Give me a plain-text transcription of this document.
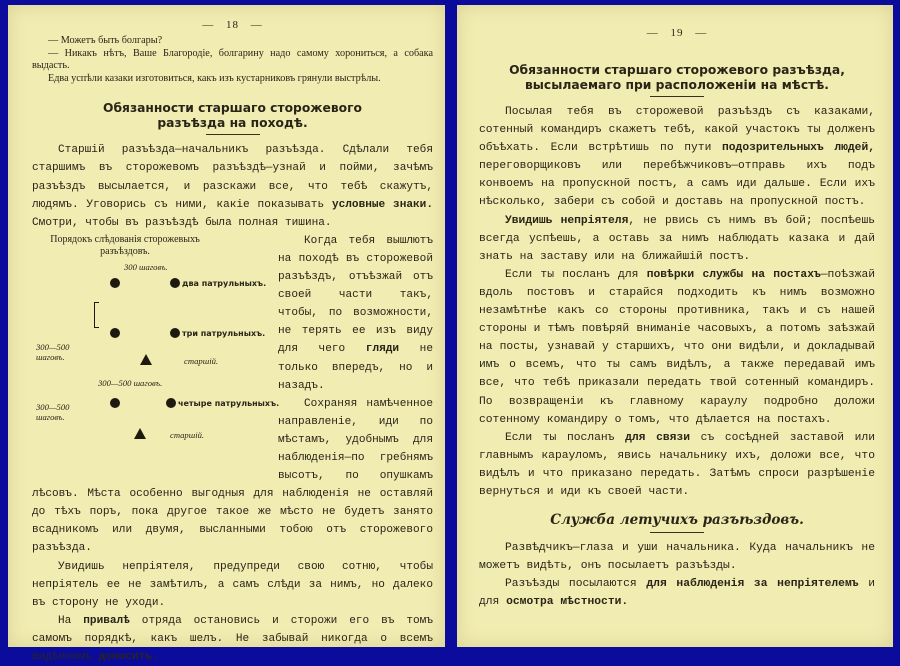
— 18 —

— Можетъ быть болгары?

— Никакъ нѣтъ, Ваше Благородіе, болгарину надо самому хорониться, а собака выдасть.

Едва успѣли казаки изготовиться, какъ изъ кустарниковъ грянули выстрѣлы.

Обязанности старшаго сторожевого разъѣзда на походѣ.

Старшій разъѣзда—начальникъ разъѣзда. Сдѣлали тебя старшимъ въ сторожевомъ разъѣздѣ—узнай и пойми, зачѣмъ разъѣздъ высылается, и разскажи все, что тебѣ скажутъ, людямъ. Уговорись съ ними, какіе показывать условные знаки. Смотри, чтобы въ разъѣздѣ была полная тишина.

Порядокъ слѣдованія сторожевыхъ разъѣздовъ.
300 шаговъ.
два патрульныхъ.
три патрульныхъ.
300—500 шаговъ.	старшій.
300—500 шаговъ.
четыре патрульныхъ.
300—500 шаговъ.
старшій.

Когда тебя вышлютъ на походѣ въ сторожевой разъѣздъ, отъѣзжай отъ своей части такъ, чтобы, по возможности, не терять ее изъ виду для чего гляди не только впередъ, но и назадъ.

Сохраняя намѣченное направленіе, иди по мѣстамъ, удобнымъ для наблюденія—по гребнямъ высотъ, по опушкамъ лѣсовъ. Мѣста особенно выгодныя для наблюденія не оставляй до тѣхъ поръ, пока другое такое же мѣсто не будетъ занято всадникомъ или двумя, высланными тобою отъ сторожевого разъѣзда.

Увидишь непріятеля, предупреди свою сотню, чтобы непріятель ее не замѣтилъ, а самъ слѣди за нимъ, но далеко въ сторону не уходи.

На привалѣ отряда остановись и сторожи его въ томъ самомъ порядкѣ, какъ шелъ. Не забывай никогда о всемъ видѣнномъ доносить.

— 19 —

Обязанности старшаго сторожевого разъѣзда, высылаемаго при расположеніи на мѣстѣ.

Посылая тебя въ сторожевой разъѣздъ съ казаками, сотенный командиръ скажетъ тебѣ, какой участокъ ты долженъ объѣхать. Если встрѣтишь по пути подозрительныхъ людей, переговорщиковъ или перебѣжчиковъ—отправь ихъ подъ конвоемъ на пропускной постъ, а самъ иди дальше. Если ихъ нѣсколько, забери съ собой и доставь на пропускной постъ.

Увидишь непріятеля, не рвись съ нимъ въ бой; поспѣешь всегда успѣешь, а оставь за нимъ наблюдать казака и дай знать на заставу или на ближайшій постъ.

Если ты посланъ для повѣрки службы на постахъ—поѣзжай вдоль постовъ и старайся подходить къ нимъ возможно незамѣтнѣе какъ со стороны противника, такъ и съ нашей стороны и тѣмъ повѣряй вниманіе часовыхъ, а потомъ заѣзжай на посты, узнавай у старшихъ, что они видѣли, и докладывай имъ о всемъ, что ты самъ видѣлъ, а также передавай имъ все, что тебѣ приказали передать твой сотенный командиръ. По возвращеніи къ главному караулу подробно доложи сотенному командиру о томъ, что дѣлается на постахъ.

Если ты посланъ для связи съ сосѣдней заставой или главнымъ карауломъ, явись начальнику ихъ, доложи все, что видѣлъ и что приказано передать. Затѣмъ спроси разрѣшеніе вернуться и иди къ своей части.

Служба летучихъ разъѣздовъ.

Развѣдчикъ—глаза и уши начальника. Куда начальникъ не можетъ видѣть, онъ посылаетъ разъѣзды.

Разъѣзды посылаются для наблюденія за непріятелемъ и для осмотра мѣстности.
